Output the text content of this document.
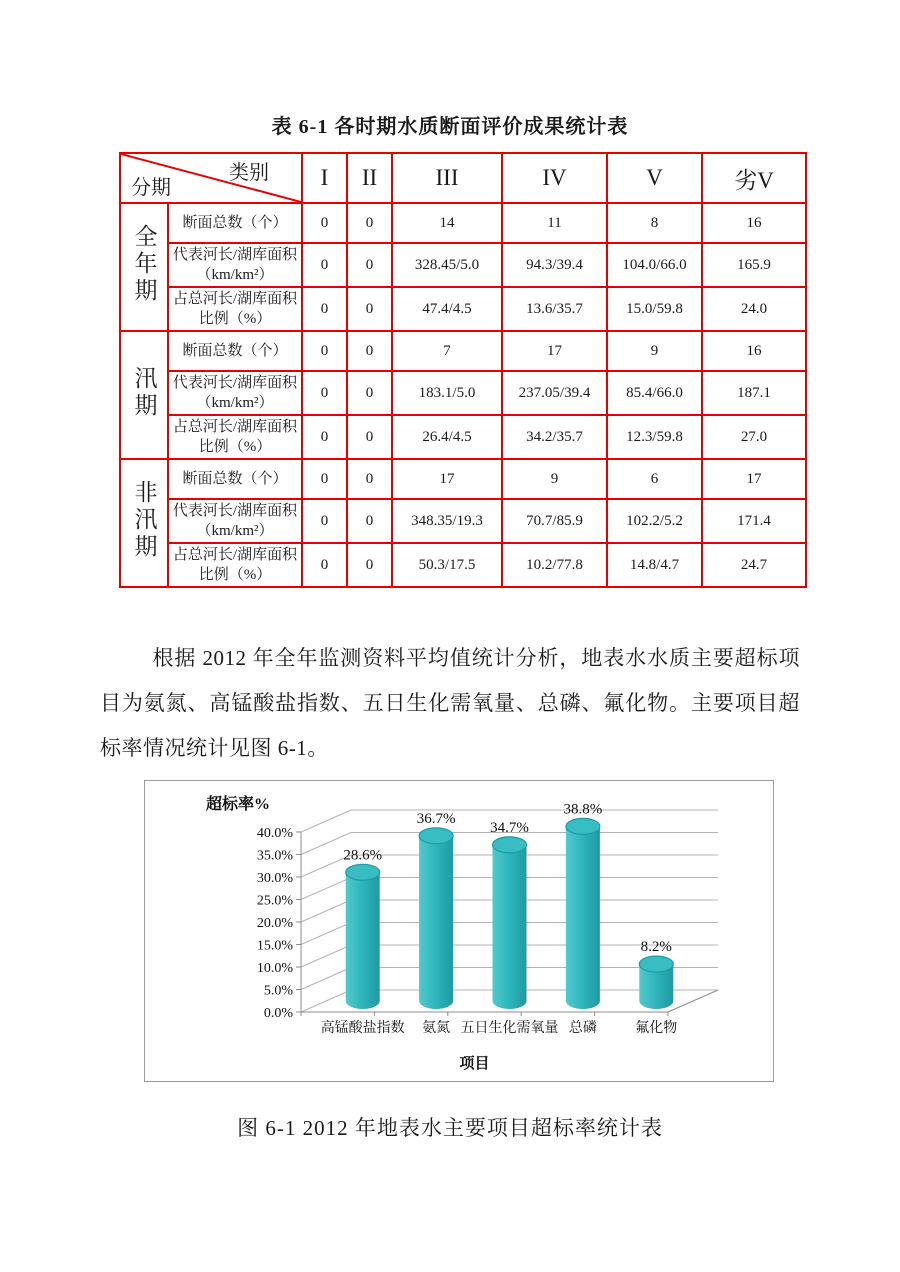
表 6-1 各时期水质断面评价成果统计表
类别
分期		I	II	III	IV	V	劣V
全年期	断面总数（个）	0	0	14	11	8	16
	代表河长/湖库面积（km/km²）	0	0	328.45/5.0	94.3/39.4	104.0/66.0	165.9
	占总河长/湖库面积比例（%）	0	0	47.4/4.5	13.6/35.7	15.0/59.8	24.0
汛期	断面总数（个）	0	0	7	17	9	16
	代表河长/湖库面积（km/km²）	0	0	183.1/5.0	237.05/39.4	85.4/66.0	187.1
	占总河长/湖库面积比例（%）	0	0	26.4/4.5	34.2/35.7	12.3/59.8	27.0
非汛期	断面总数（个）	0	0	17	9	6	17
	代表河长/湖库面积（km/km²）	0	0	348.35/19.3	70.7/85.9	102.2/5.2	171.4
	占总河长/湖库面积比例（%）	0	0	50.3/17.5	10.2/77.8	14.8/4.7	24.7
根据 2012 年全年监测资料平均值统计分析，地表水水质主要超标项目为氨氮、高锰酸盐指数、五日生化需氧量、总磷、氟化物。主要项目超标率情况统计见图 6-1。
0.0%
5.0%
10.0%
15.0%
20.0%
25.0%
30.0%
35.0%
40.0%
28.6%
高锰酸盐指数
36.7%
氨氮
34.7%
五日生化需氧量
38.8%
总磷
8.2%
氟化物
超标率%
项目
图 6-1 2012 年地表水主要项目超标率统计表
